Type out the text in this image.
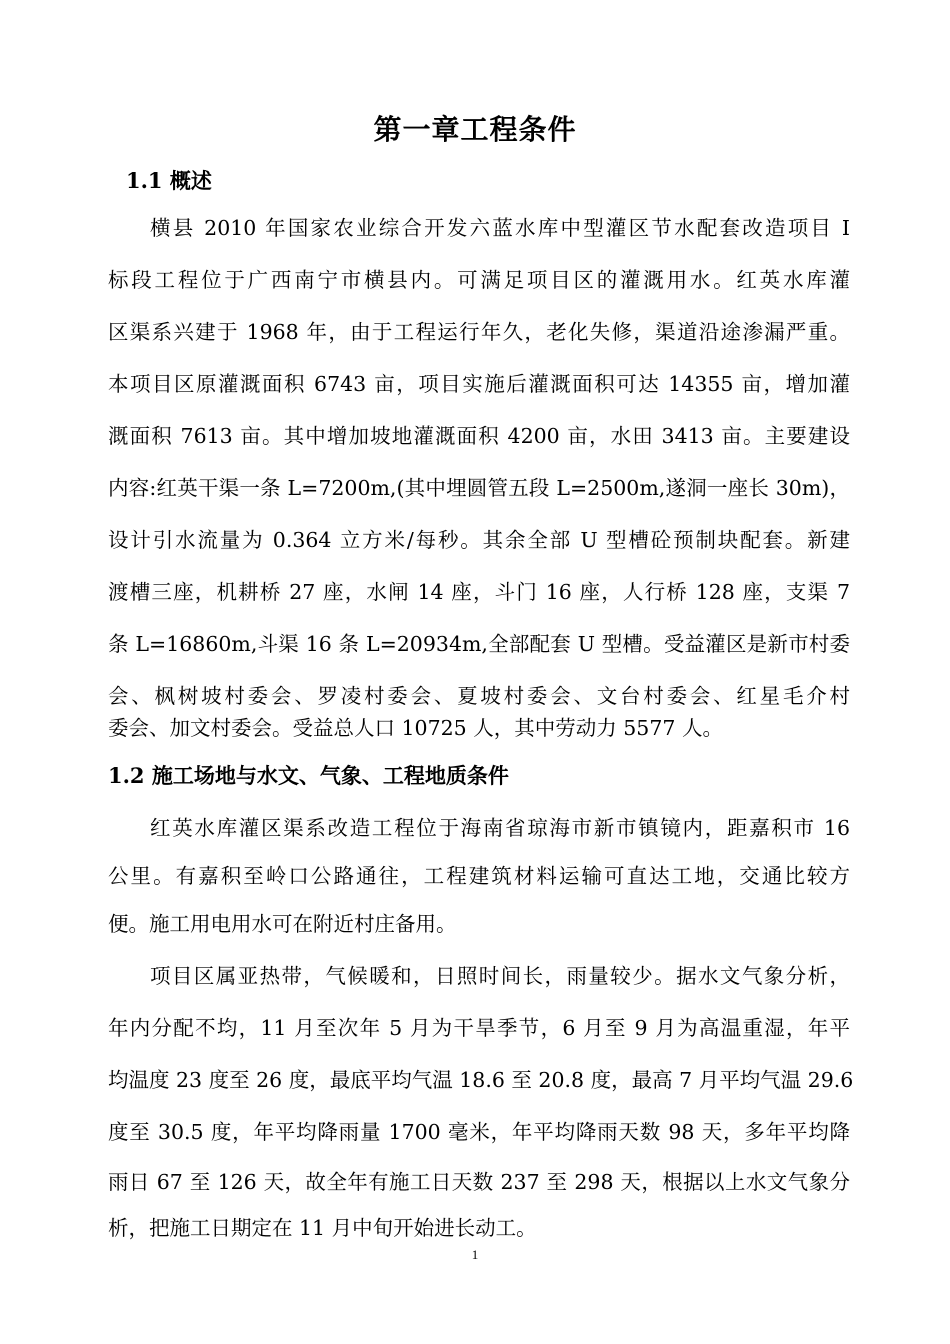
第一章工程条件
1.1 概述
横县 2010 年国家农业综合开发六蓝水库中型灌区节水配套改造项目 I
标段工程位于广西南宁市横县内。可满足项目区的灌溉用水。红英水库灌
区渠系兴建于 1968 年，由于工程运行年久，老化失修，渠道沿途渗漏严重。
本项目区原灌溉面积 6743 亩，项目实施后灌溉面积可达 14355 亩，增加灌
溉面积 7613 亩。其中增加坡地灌溉面积 4200 亩，水田 3413 亩。主要建设
内容:红英干渠一条 L=7200m,(其中埋圆管五段 L=2500m,遂洞一座长 30m)，
设计引水流量为 0.364 立方米/每秒。其余全部 U 型槽砼预制块配套。新建
渡槽三座，机耕桥 27 座，水闸 14 座，斗门 16 座，人行桥 128 座，支渠 7
条 L=16860m,斗渠 16 条 L=20934m,全部配套 U 型槽。受益灌区是新市村委
会、枫树坡村委会、罗凌村委会、夏坡村委会、文台村委会、红星毛介村
委会、加文村委会。受益总人口 10725 人，其中劳动力 5577 人。
1.2 施工场地与水文、气象、工程地质条件
红英水库灌区渠系改造工程位于海南省琼海市新市镇镜内，距嘉积市 16
公里。有嘉积至岭口公路通往，工程建筑材料运输可直达工地，交通比较方
便。施工用电用水可在附近村庄备用。
项目区属亚热带，气候暖和，日照时间长，雨量较少。据水文气象分析，
年内分配不均，11 月至次年 5 月为干旱季节，6 月至 9 月为高温重湿，年平
均温度 23 度至 26 度，最底平均气温 18.6 至 20.8 度，最高 7 月平均气温 29.6
度至 30.5 度，年平均降雨量 1700 毫米，年平均降雨天数 98 天，多年平均降
雨日 67 至 126 天，故全年有施工日天数 237 至 298 天，根据以上水文气象分
析，把施工日期定在 11 月中旬开始进长动工。
1
